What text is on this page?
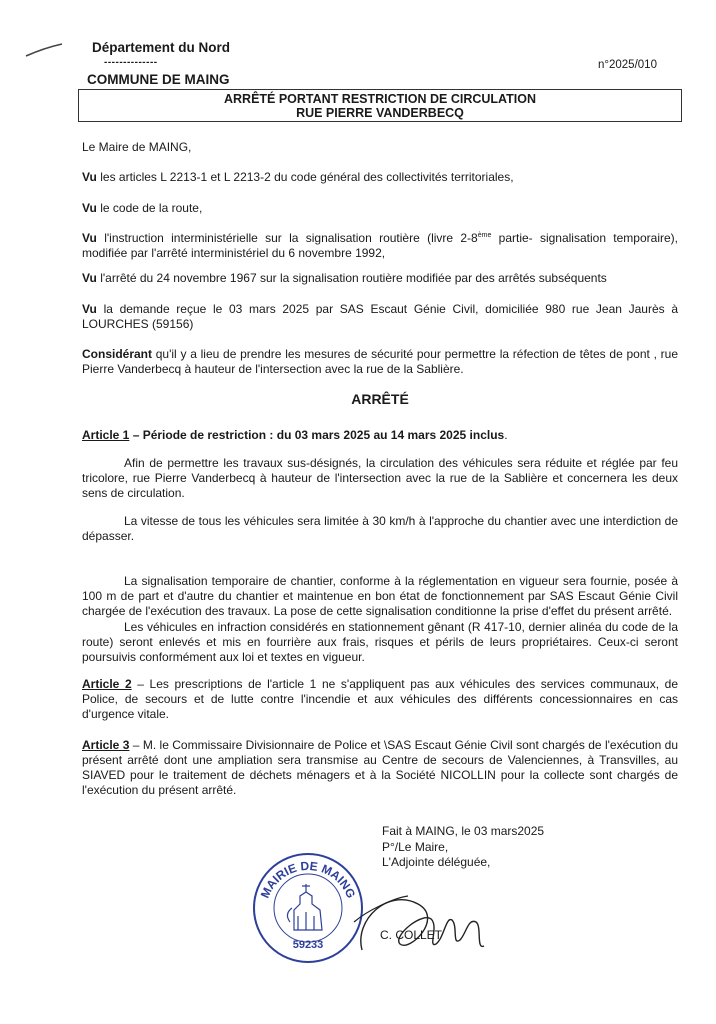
Département du Nord
--------------
COMMUNE DE MAING
n°2025/010
ARRÊTÉ PORTANT RESTRICTION DE CIRCULATION
RUE PIERRE VANDERBECQ
Le Maire de MAING,
Vu les articles L 2213-1 et L 2213-2 du code général des collectivités territoriales,
Vu le code de la route,
Vu l'instruction interministérielle sur la signalisation routière (livre 2-8ème partie- signalisation temporaire), modifiée par l'arrêté interministériel du 6 novembre 1992,
Vu l'arrêté du 24 novembre 1967 sur la signalisation routière modifiée par des arrêtés subséquents
Vu la demande reçue le 03 mars 2025 par SAS Escaut Génie Civil, domiciliée 980 rue Jean Jaurès à LOURCHES (59156)
Considérant qu'il y a lieu de prendre les mesures de sécurité pour permettre la réfection de têtes de pont , rue Pierre Vanderbecq à hauteur de l'intersection avec la rue de la Sablière.
ARRÊTÉ
Article 1 – Période de restriction : du 03 mars 2025 au 14 mars 2025 inclus.
Afin de permettre les travaux sus-désignés, la circulation des véhicules sera réduite et réglée par feu tricolore, rue Pierre Vanderbecq à hauteur de l'intersection avec la rue de la Sablière et concernera les deux sens de circulation.
La vitesse de tous les véhicules sera limitée à 30 km/h à l'approche du chantier avec une interdiction de dépasser.
La signalisation temporaire de chantier, conforme à la réglementation en vigueur sera fournie, posée à 100 m de part et d'autre du chantier et maintenue en bon état de fonctionnement par SAS Escaut Génie Civil chargée de l'exécution des travaux. La pose de cette signalisation conditionne la prise d'effet du présent arrêté.
Les véhicules en infraction considérés en stationnement gênant (R 417-10, dernier alinéa du code de la route) seront enlevés et mis en fourrière aux frais, risques et périls de leurs propriétaires. Ceux-ci seront poursuivis conformément aux loi et textes en vigueur.
Article 2 – Les prescriptions de l'article 1 ne s'appliquent pas aux véhicules des services communaux, de Police, de secours et de lutte contre l'incendie et aux véhicules des différents concessionnaires en cas d'urgence vitale.
Article 3 – M. le Commissaire Divisionnaire de Police et \SAS Escaut Génie Civil sont chargés de l'exécution du présent arrêté dont une ampliation sera transmise au Centre de secours de Valenciennes, à Transvilles, au SIAVED pour le traitement de déchets ménagers et à la Société NICOLLIN pour la collecte sont chargés de l'exécution du présent arrêté.
Fait à MAING, le 03 mars2025
P°/Le Maire,
L'Adjointe déléguée,
MAIRIE DE MAING
59233
C. COLLET
